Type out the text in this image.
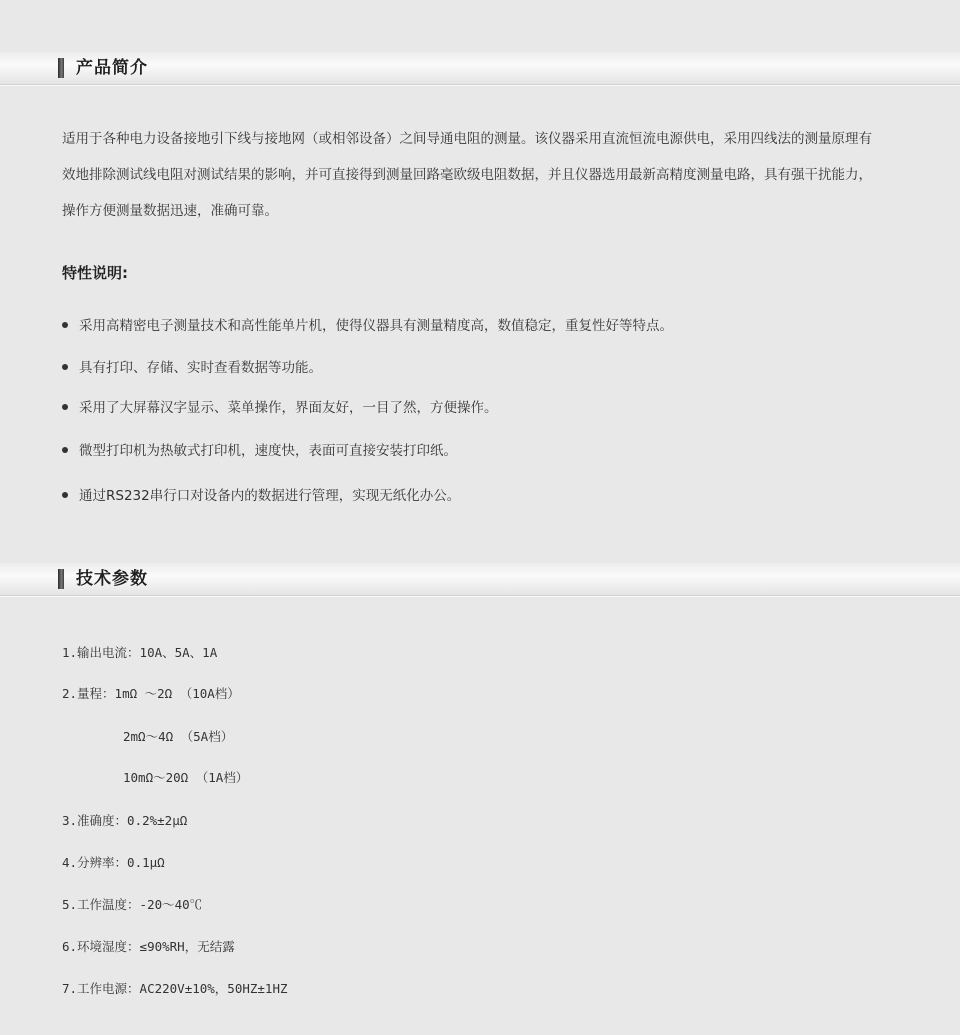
产品简介

适用于各种电力设备接地引下线与接地网（或相邻设备）之间导通电阻的测量。该仪器采用直流恒流电源供电，采用四线法的测量原理有效地排除测试线电阻对测试结果的影响，并可直接得到测量回路毫欧级电阻数据，并且仪器选用最新高精度测量电路，具有强干扰能力，操作方便测量数据迅速，准确可靠。

特性说明:
采用高精密电子测量技术和高性能单片机，使得仪器具有测量精度高，数值稳定，重复性好等特点。
具有打印、存储、实时查看数据等功能。
采用了大屏幕汉字显示、菜单操作，界面友好，一目了然，方便操作。
微型打印机为热敏式打印机，速度快，表面可直接安装打印纸。
通过RS232串行口对设备内的数据进行管理，实现无纸化办公。
技术参数
1.输出电流：10A、5A、1A
2.量程：1mΩ ～2Ω （10A档）
2mΩ～4Ω （5A档）
10mΩ～20Ω （1A档）
3.准确度：0.2%±2μΩ
4.分辨率：0.1μΩ
5.工作温度：-20～40℃
6.环境湿度：≤90%RH，无结露
7.工作电源：AC220V±10%，50HZ±1HZ
